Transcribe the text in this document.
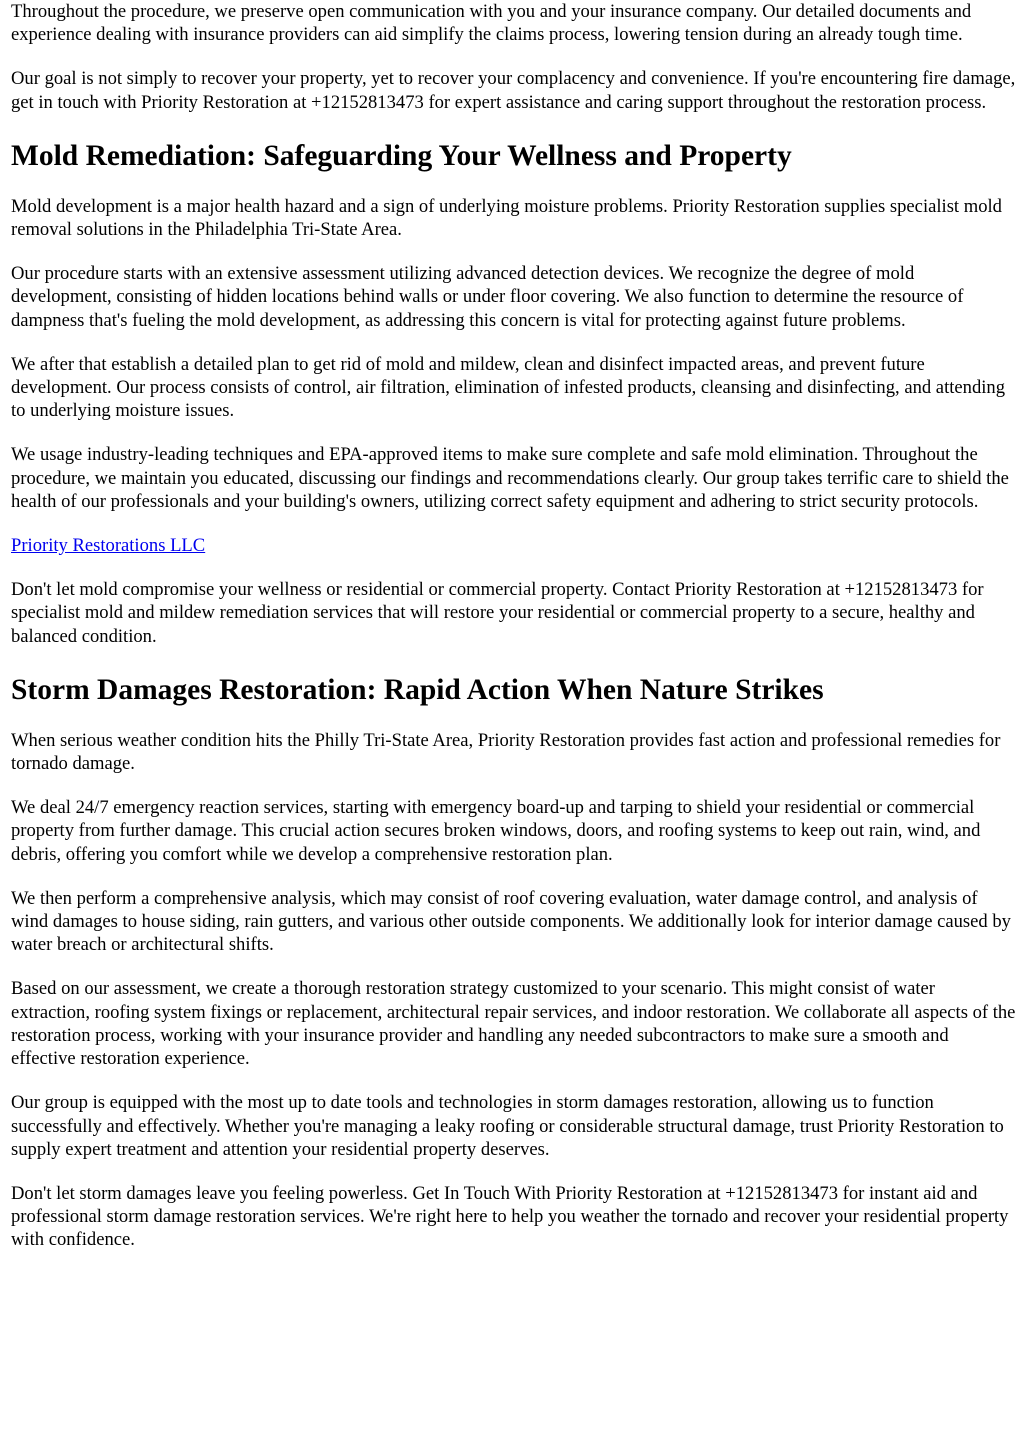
Throughout the procedure, we preserve open communication with you and your insurance company. Our detailed documents and experience dealing with insurance providers can aid simplify the claims process, lowering tension during an already tough time.

Our goal is not simply to recover your property, yet to recover your complacency and convenience. If you're encountering fire damage, get in touch with Priority Restoration at +12152813473 for expert assistance and caring support throughout the restoration process.

Mold Remediation: Safeguarding Your Wellness and Property

Mold development is a major health hazard and a sign of underlying moisture problems. Priority Restoration supplies specialist mold removal solutions in the Philadelphia Tri-State Area.

Our procedure starts with an extensive assessment utilizing advanced detection devices. We recognize the degree of mold development, consisting of hidden locations behind walls or under floor covering. We also function to determine the resource of dampness that's fueling the mold development, as addressing this concern is vital for protecting against future problems.

We after that establish a detailed plan to get rid of mold and mildew, clean and disinfect impacted areas, and prevent future development. Our process consists of control, air filtration, elimination of infested products, cleansing and disinfecting, and attending to underlying moisture issues.

We usage industry-leading techniques and EPA-approved items to make sure complete and safe mold elimination. Throughout the procedure, we maintain you educated, discussing our findings and recommendations clearly. Our group takes terrific care to shield the health of our professionals and your building's owners, utilizing correct safety equipment and adhering to strict security protocols.

Priority Restorations LLC

Don't let mold compromise your wellness or residential or commercial property. Contact Priority Restoration at +12152813473 for specialist mold and mildew remediation services that will restore your residential or commercial property to a secure, healthy and balanced condition.

Storm Damages Restoration: Rapid Action When Nature Strikes

When serious weather condition hits the Philly Tri-State Area, Priority Restoration provides fast action and professional remedies for tornado damage.

We deal 24/7 emergency reaction services, starting with emergency board-up and tarping to shield your residential or commercial property from further damage. This crucial action secures broken windows, doors, and roofing systems to keep out rain, wind, and debris, offering you comfort while we develop a comprehensive restoration plan.

We then perform a comprehensive analysis, which may consist of roof covering evaluation, water damage control, and analysis of wind damages to house siding, rain gutters, and various other outside components. We additionally look for interior damage caused by water breach or architectural shifts.

Based on our assessment, we create a thorough restoration strategy customized to your scenario. This might consist of water extraction, roofing system fixings or replacement, architectural repair services, and indoor restoration. We collaborate all aspects of the restoration process, working with your insurance provider and handling any needed subcontractors to make sure a smooth and effective restoration experience.

Our group is equipped with the most up to date tools and technologies in storm damages restoration, allowing us to function successfully and effectively. Whether you're managing a leaky roofing or considerable structural damage, trust Priority Restoration to supply expert treatment and attention your residential property deserves.

Don't let storm damages leave you feeling powerless. Get In Touch With Priority Restoration at +12152813473 for instant aid and professional storm damage restoration services. We're right here to help you weather the tornado and recover your residential property with confidence.
